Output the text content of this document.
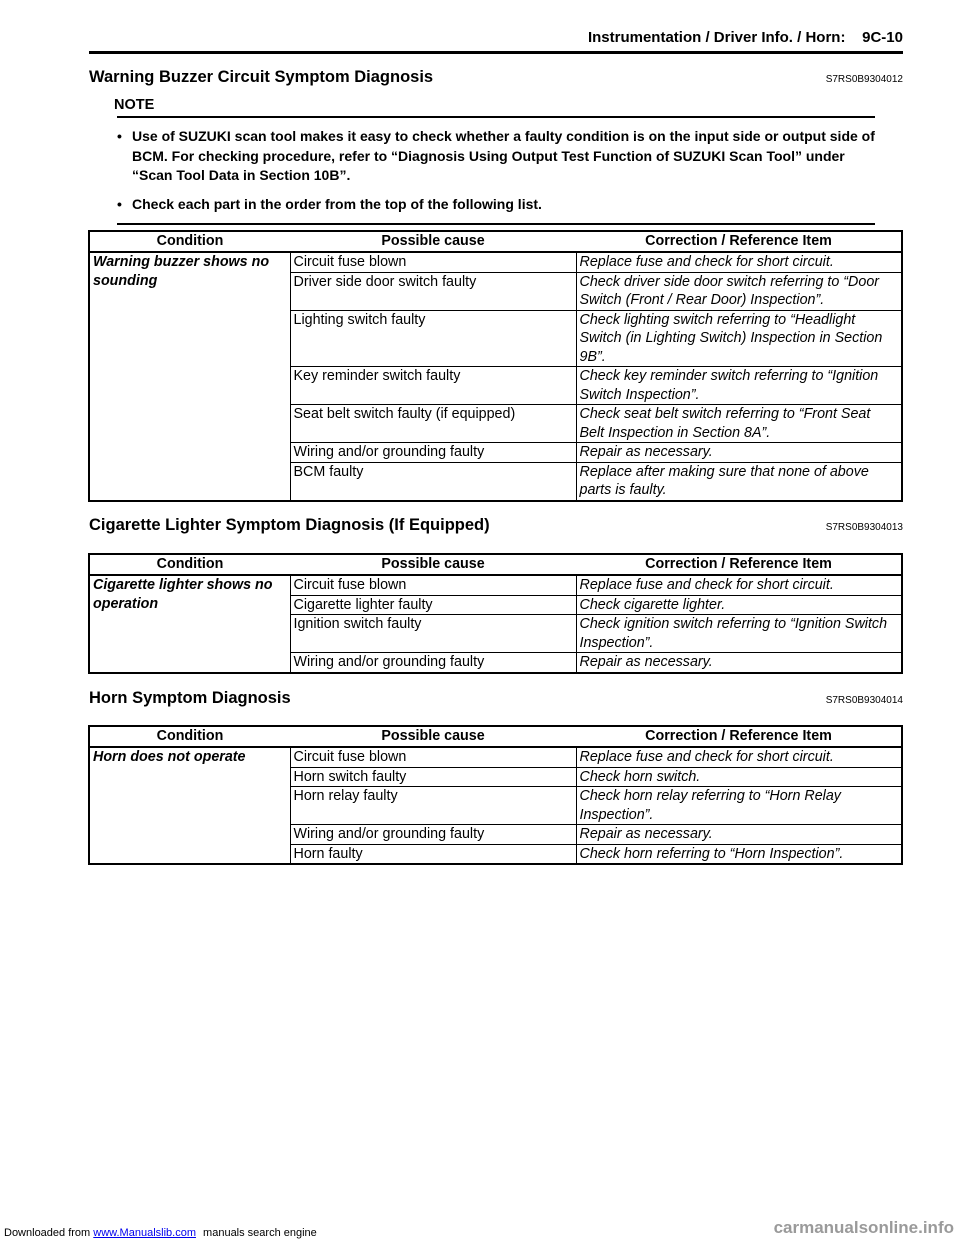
Instrumentation / Driver Info. / Horn:    9C-10
Warning Buzzer Circuit Symptom Diagnosis	S7RS0B9304012
NOTE
• Use of SUZUKI scan tool makes it easy to check whether a faulty condition is on the input side or output side of BCM. For checking procedure, refer to “Diagnosis Using Output Test Function of SUZUKI Scan Tool” under “Scan Tool Data in Section 10B”.
• Check each part in the order from the top of the following list.
Condition	Possible cause	Correction / Reference Item
Warning buzzer shows no sounding	Circuit fuse blown	Replace fuse and check for short circuit.
	Driver side door switch faulty	Check driver side door switch referring to “Door Switch (Front / Rear Door) Inspection”.
	Lighting switch faulty	Check lighting switch referring to “Headlight Switch (in Lighting Switch) Inspection in Section 9B”.
	Key reminder switch faulty	Check key reminder switch referring to “Ignition Switch Inspection”.
	Seat belt switch faulty (if equipped)	Check seat belt switch referring to “Front Seat Belt Inspection in Section 8A”.
	Wiring and/or grounding faulty	Repair as necessary.
	BCM faulty	Replace after making sure that none of above parts is faulty.
Cigarette Lighter Symptom Diagnosis (If Equipped)	S7RS0B9304013
Condition	Possible cause	Correction / Reference Item
Cigarette lighter shows no operation	Circuit fuse blown	Replace fuse and check for short circuit.
	Cigarette lighter faulty	Check cigarette lighter.
	Ignition switch faulty	Check ignition switch referring to “Ignition Switch Inspection”.
	Wiring and/or grounding faulty	Repair as necessary.
Horn Symptom Diagnosis	S7RS0B9304014
Condition	Possible cause	Correction / Reference Item
Horn does not operate	Circuit fuse blown	Replace fuse and check for short circuit.
	Horn switch faulty	Check horn switch.
	Horn relay faulty	Check horn relay referring to “Horn Relay Inspection”.
	Wiring and/or grounding faulty	Repair as necessary.
	Horn faulty	Check horn referring to “Horn Inspection”.
Downloaded from www.Manualslib.com manuals search engine	carmanualsonline.info
